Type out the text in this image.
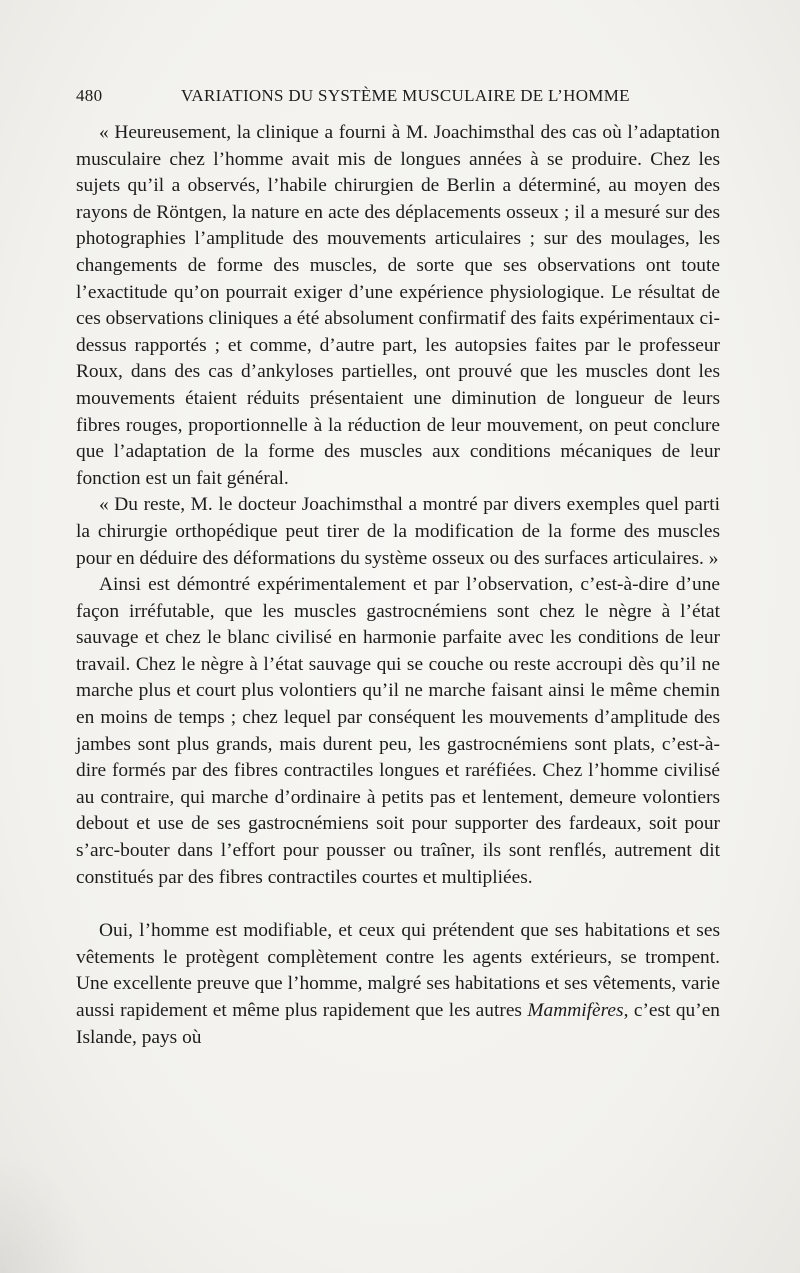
480	VARIATIONS DU SYSTÈME MUSCULAIRE DE L’HOMME

« Heureusement, la clinique a fourni à M. Joachimsthal des cas où l’adaptation musculaire chez l’homme avait mis de longues années à se produire. Chez les sujets qu’il a observés, l’habile chirurgien de Berlin a déterminé, au moyen des rayons de Röntgen, la nature en acte des déplacements osseux ; il a mesuré sur des photographies l’amplitude des mouvements articulaires ; sur des moulages, les changements de forme des muscles, de sorte que ses observations ont toute l’exactitude qu’on pourrait exiger d’une expérience physiologique. Le résultat de ces observations cliniques a été absolument confirmatif des faits expérimentaux ci-dessus rapportés ; et comme, d’autre part, les autopsies faites par le professeur Roux, dans des cas d’ankyloses partielles, ont prouvé que les muscles dont les mouvements étaient réduits présentaient une diminution de longueur de leurs fibres rouges, proportionnelle à la réduction de leur mouvement, on peut conclure que l’adaptation de la forme des muscles aux conditions mécaniques de leur fonction est un fait général.

« Du reste, M. le docteur Joachimsthal a montré par divers exemples quel parti la chirurgie orthopédique peut tirer de la modification de la forme des muscles pour en déduire des déformations du système osseux ou des surfaces articulaires. »

Ainsi est démontré expérimentalement et par l’observation, c’est-à-dire d’une façon irréfutable, que les muscles gastrocnémiens sont chez le nègre à l’état sauvage et chez le blanc civilisé en harmonie parfaite avec les conditions de leur travail. Chez le nègre à l’état sauvage qui se couche ou reste accroupi dès qu’il ne marche plus et court plus volontiers qu’il ne marche faisant ainsi le même chemin en moins de temps ; chez lequel par conséquent les mouvements d’amplitude des jambes sont plus grands, mais durent peu, les gastrocnémiens sont plats, c’est-à-dire formés par des fibres contractiles longues et raréfiées. Chez l’homme civilisé au contraire, qui marche d’ordinaire à petits pas et lentement, demeure volontiers debout et use de ses gastrocnémiens soit pour supporter des fardeaux, soit pour s’arc-bouter dans l’effort pour pousser ou traîner, ils sont renflés, autrement dit constitués par des fibres contractiles courtes et multipliées.

Oui, l’homme est modifiable, et ceux qui prétendent que ses habitations et ses vêtements le protègent complètement contre les agents extérieurs, se trompent. Une excellente preuve que l’homme, malgré ses habitations et ses vêtements, varie aussi rapidement et même plus rapidement que les autres Mammifères, c’est qu’en Islande, pays où
